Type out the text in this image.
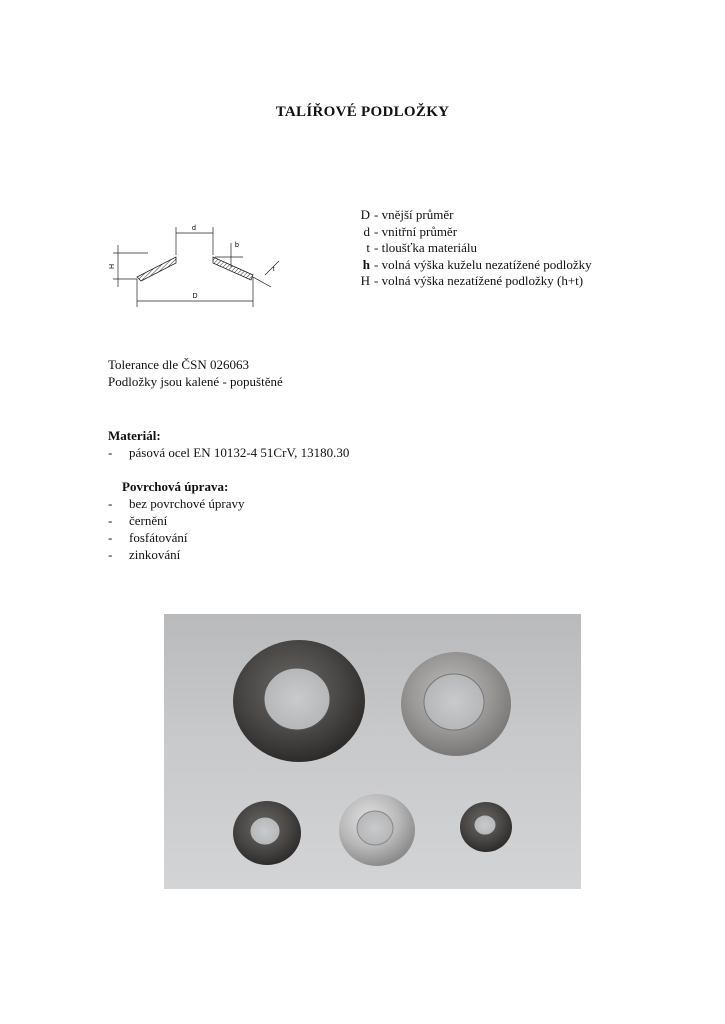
TALÍŘOVÉ PODLOŽKY
d
b
H
D
t
D - vnější průměr
d - vnitřní průměr
t - tloušťka materiálu
h - volná výška kuželu nezatížené podložky
H - volná výška nezatížené podložky (h+t)
Tolerance dle ČSN 026063
Podložky jsou kalené - popuštěné
Materiál:
- pásová ocel EN 10132-4 51CrV, 13180.30
Povrchová úprava:
- bez povrchové úpravy
- černění
- fosfátování
- zinkování
